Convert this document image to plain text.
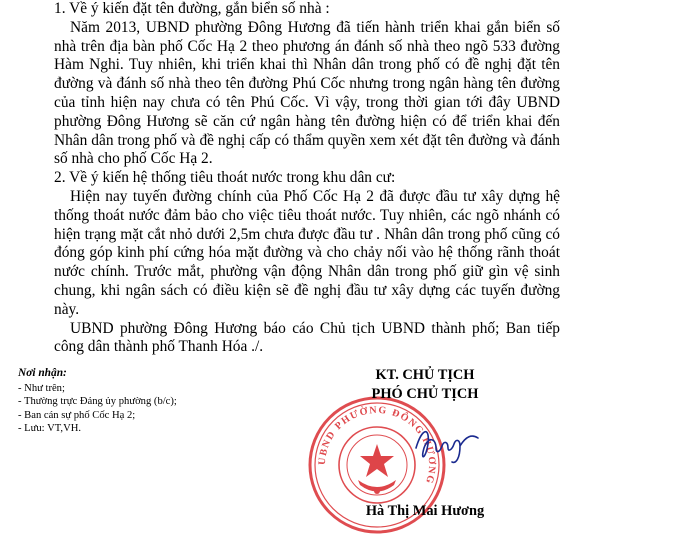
1. Về ý kiến đặt tên đường, gắn biển số nhà :

Năm 2013, UBND phường Đông Hương đã tiến hành triển khai gắn biển số nhà trên địa bàn phố Cốc Hạ 2 theo phương án đánh số nhà theo ngõ 533 đường Hàm Nghi. Tuy nhiên, khi triển khai thì Nhân dân trong phố có đề nghị đặt tên đường và đánh số nhà theo tên đường Phú Cốc nhưng trong ngân hàng tên đường của tỉnh hiện nay chưa có tên Phú Cốc. Vì vậy, trong thời gian tới đây UBND phường Đông Hương sẽ căn cứ ngân hàng tên đường hiện có để triển khai đến Nhân dân trong phố và đề nghị cấp có thẩm quyền xem xét đặt tên đường và đánh số nhà cho phố Cốc Hạ 2.

2. Về ý kiến hệ thống tiêu thoát nước trong khu dân cư:

Hiện nay tuyến đường chính của Phố Cốc Hạ 2 đã được đầu tư xây dựng hệ thống thoát nước đảm bảo cho việc tiêu thoát nước. Tuy nhiên, các ngõ nhánh có hiện trạng mặt cắt nhỏ dưới 2,5m chưa được đầu tư . Nhân dân trong phố cũng có đóng góp kinh phí cứng hóa mặt đường và cho chảy nối vào hệ thống rãnh thoát nước chính. Trước mắt, phường vận động Nhân dân trong phố giữ gìn vệ sinh chung, khi ngân sách có điều kiện sẽ đề nghị đầu tư xây dựng các tuyến đường này.

UBND phường Đông Hương báo cáo Chủ tịch UBND thành phố; Ban tiếp công dân thành phố Thanh Hóa ./.

Nơi nhận:
- Như trên;
- Thường trực Đảng ủy phường (b/c);
- Ban cán sự phố Cốc Hạ 2;
- Lưu: VT,VH.
UBND PHƯỜNG ĐÔNG HƯƠNG
KT. CHỦ TỊCH
PHÓ CHỦ TỊCH
Hà Thị Mai Hương
